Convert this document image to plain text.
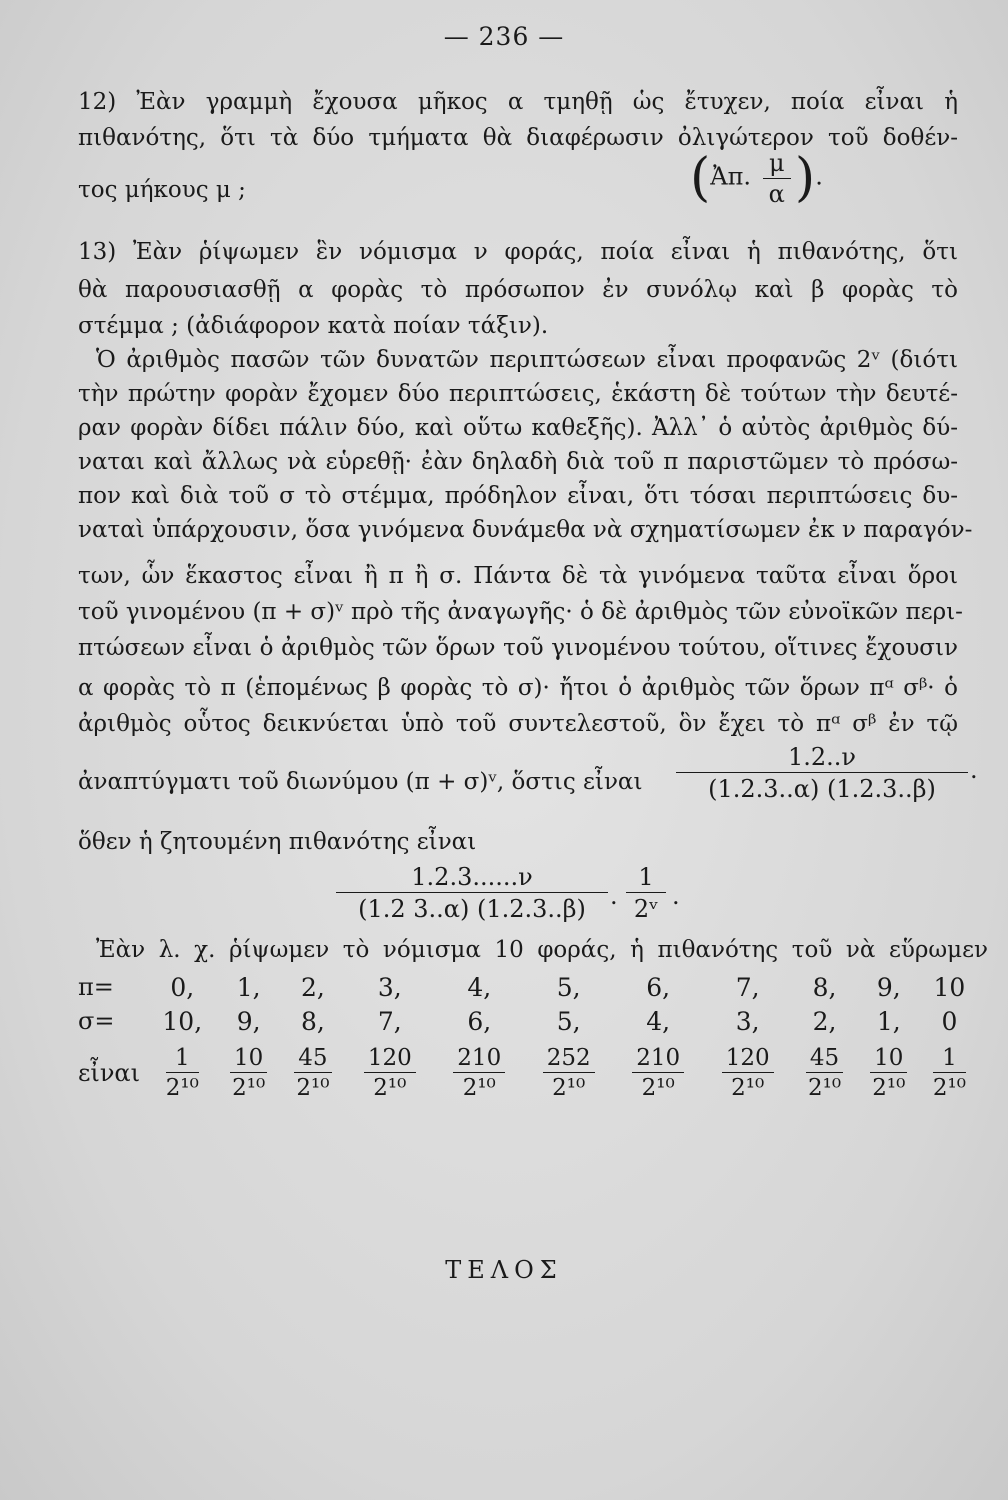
— 236 —
12) Ἐὰν γραμμὴ ἔχουσα μῆκος α τμηθῇ ὡς ἔτυχεν, ποία εἶναι ἡ
πιθανότης, ὅτι τὰ δύο τμήματα θὰ διαφέρωσιν ὀλιγώτερον τοῦ δοθέν-
τος μήκους μ ;	(Ἀπ. $\frac{\mu}{\alpha}$ ).
13) Ἐὰν ῥίψωμεν ἓν νόμισμα ν φοράς, ποία εἶναι ἡ πιθανότης, ὅτι
θὰ παρουσιασθῇ α φορὰς τὸ πρόσωπον ἐν συνόλῳ καὶ β φορὰς τὸ
στέμμα ; (ἀδιάφορον κατὰ ποίαν τάξιν).
Ὁ ἀριθμὸς πασῶν τῶν δυνατῶν περιπτώσεων εἶναι προφανῶς 2ᵛ (διότι
τὴν πρώτην φορὰν ἔχομεν δύο περιπτώσεις, ἑκάστη δὲ τούτων τὴν δευτέ-
ραν φορὰν δίδει πάλιν δύο, καὶ οὕτω καθεξῆς). Ἀλλ᾽ ὁ αὐτὸς ἀριθμὸς δύ-
ναται καὶ ἄλλως νὰ εὑρεθῇ· ἐὰν δηλαδὴ διὰ τοῦ π παριστῶμεν τὸ πρόσω-
πον καὶ διὰ τοῦ σ τὸ στέμμα, πρόδηλον εἶναι, ὅτι τόσαι περιπτώσεις δυ-
ναταὶ ὑπάρχουσιν, ὅσα γινόμενα δυνάμεθα νὰ σχηματίσωμεν ἐκ ν παραγόν-
των, ὧν ἕκαστος εἶναι ἢ π ἢ σ. Πάντα δὲ τὰ γινόμενα ταῦτα εἶναι ὅροι
τοῦ γινομένου (π + σ)ᵛ πρὸ τῆς ἀναγωγῆς· ὁ δὲ ἀριθμὸς τῶν εὐνοϊκῶν περι-
πτώσεων εἶναι ὁ ἀριθμὸς τῶν ὅρων τοῦ γινομένου τούτου, οἵτινες ἔχουσιν
α φορὰς τὸ π (ἑπομένως β φορὰς τὸ σ)· ἤτοι ὁ ἀριθμὸς τῶν ὅρων πᵅ σᵝ· ὁ
ἀριθμὸς οὗτος δεικνύεται ὑπὸ τοῦ συντελεστοῦ, ὃν ἔχει τὸ πᵅ σᵝ ἐν τῷ
ἀναπτύγματι τοῦ διωνύμου (π + σ)ᵛ, ὅστις εἶναι	$\frac{1.2..\nu}{(1.2.3..\alpha) (1.2.3..\beta)}$ .
ὅθεν ἡ ζητουμένη πιθανότης εἶναι
$\frac{1.2.3......\nu}{(1.2 3..\alpha) (1.2.3..\beta)}$ . $\frac{1}{\text{2ᵛ}}$ .
Ἐὰν λ. χ. ῥίψωμεν τὸ νόμισμα 10 φοράς, ἡ πιθανότης τοῦ νὰ εὕρωμεν
π=	0,	1,	2,	3,	4,	5,	6,	7,	8,	9,	10
σ=	10,	9,	8,	7,	6,	5,	4,	3,	2,	1,	0
εἶναι	$\frac{1}{\text{2¹⁰}}$	$\frac{10}{\text{2¹⁰}}$	$\frac{45}{\text{2¹⁰}}$	$\frac{120}{\text{2¹⁰}}$	$\frac{210}{\text{2¹⁰}}$	$\frac{252}{\text{2¹⁰}}$	$\frac{210}{\text{2¹⁰}}$	$\frac{120}{\text{2¹⁰}}$	$\frac{45}{\text{2¹⁰}}$	$\frac{10}{\text{2¹⁰}}$	$\frac{1}{\text{2¹⁰}}$
ΤΕΛΟΣ
